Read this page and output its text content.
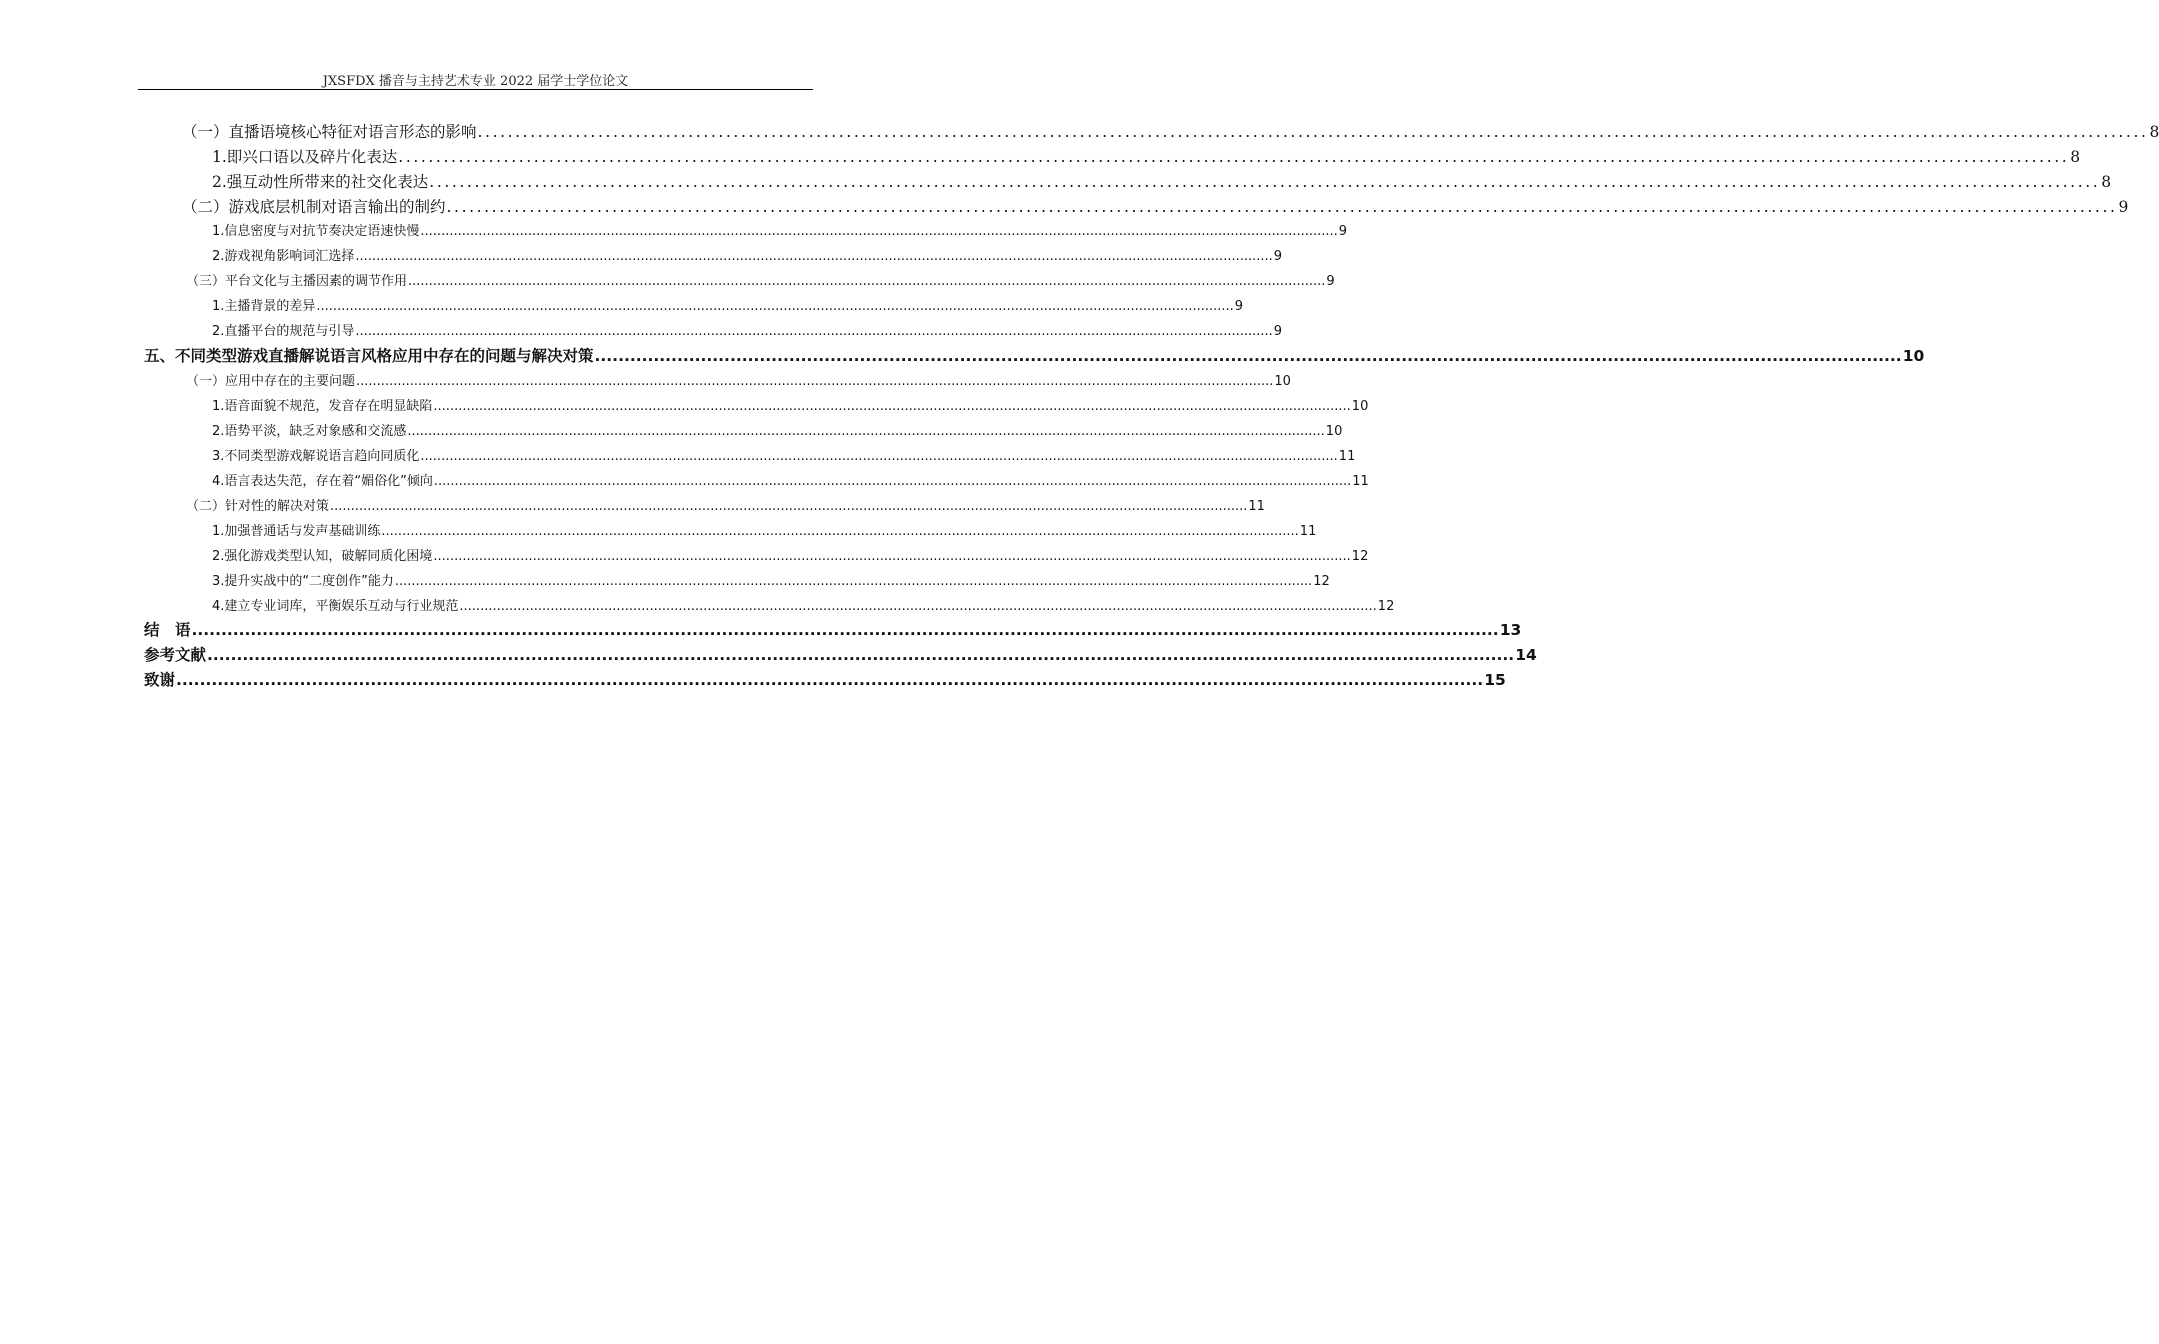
JXSFDX 播音与主持艺术专业 2022 届学士学位论文
（一）直播语境核心特征对语言形态的影响 .............................................................................................................................................................................................................................. 8
1.即兴口语以及碎片化表达 .............................................................................................................................................................................................................................. 8
2.强互动性所带来的社交化表达 .............................................................................................................................................................................................................................. 8
（二）游戏底层机制对语言输出的制约 .............................................................................................................................................................................................................................. 9
1.信息密度与对抗节奏决定语速快慢 .............................................................................................................................................................................................................................. 9
2.游戏视角影响词汇选择 .............................................................................................................................................................................................................................. 9
（三）平台文化与主播因素的调节作用 .............................................................................................................................................................................................................................. 9
1.主播背景的差异 .............................................................................................................................................................................................................................. 9
2.直播平台的规范与引导 .............................................................................................................................................................................................................................. 9
五、不同类型游戏直播解说语言风格应用中存在的问题与解决对策 .............................................................................................................................................................................................................................. 10
（一）应用中存在的主要问题 .............................................................................................................................................................................................................................. 10
1.语音面貌不规范，发音存在明显缺陷 .............................................................................................................................................................................................................................. 10
2.语势平淡，缺乏对象感和交流感 .............................................................................................................................................................................................................................. 10
3.不同类型游戏解说语言趋向同质化 .............................................................................................................................................................................................................................. 11
4.语言表达失范，存在着“媚俗化”倾向 .............................................................................................................................................................................................................................. 11
（二）针对性的解决对策 .............................................................................................................................................................................................................................. 11
1.加强普通话与发声基础训练 .............................................................................................................................................................................................................................. 11
2.强化游戏类型认知，破解同质化困境 .............................................................................................................................................................................................................................. 12
3.提升实战中的“二度创作”能力 .............................................................................................................................................................................................................................. 12
4.建立专业词库，平衡娱乐互动与行业规范 .............................................................................................................................................................................................................................. 12
结　语 .............................................................................................................................................................................................................................. 13
参考文献 .............................................................................................................................................................................................................................. 14
致谢 .............................................................................................................................................................................................................................. 15
